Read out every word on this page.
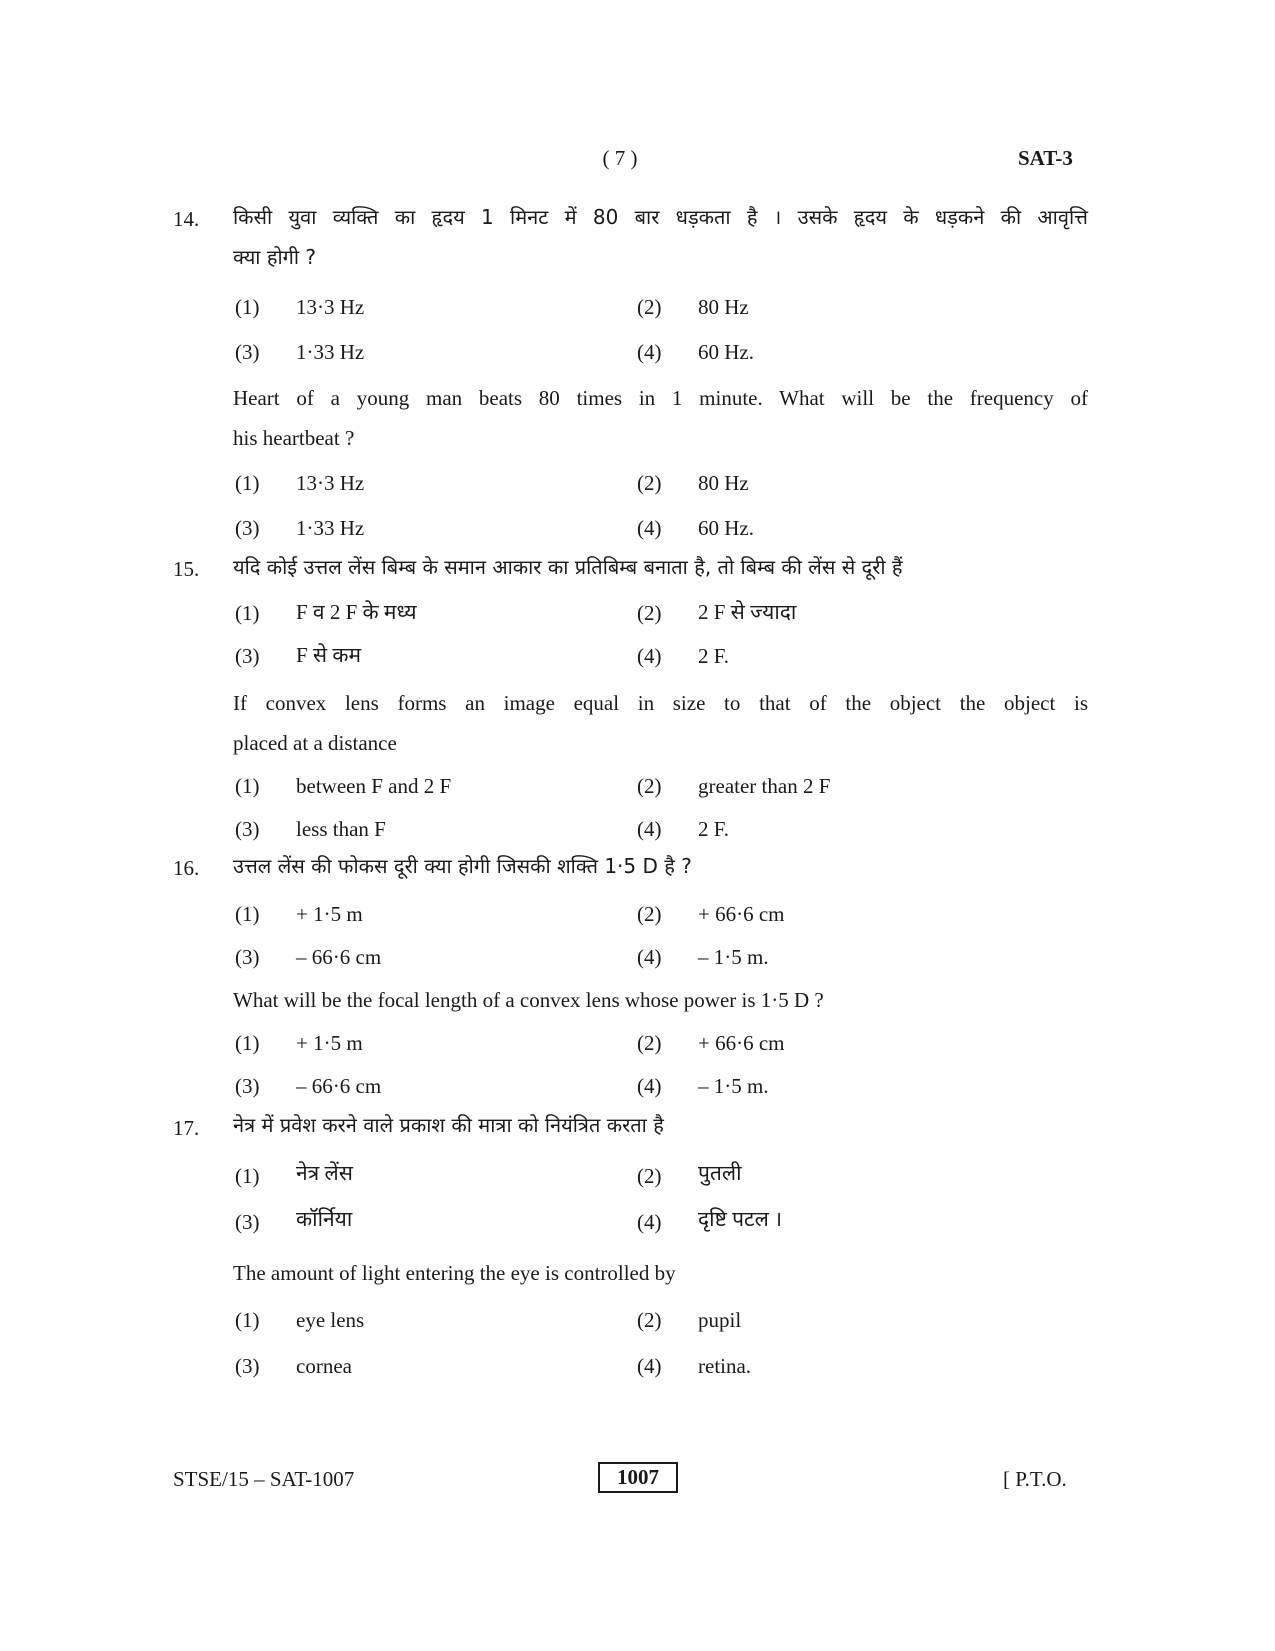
( 7 )	SAT-3
14. किसी युवा व्यक्ति का हृदय 1 मिनट में 80 बार धड़कता है । उसके हृदय के धड़कने की आवृत्ति
क्या होगी ?
(1) 13·3 Hz	(2) 80 Hz
(3) 1·33 Hz	(4) 60 Hz.
Heart of a young man beats 80 times in 1 minute. What will be the frequency of
his heartbeat ?
(1) 13·3 Hz	(2) 80 Hz
(3) 1·33 Hz	(4) 60 Hz.
15. यदि कोई उत्तल लेंस बिम्ब के समान आकार का प्रतिबिम्ब बनाता है, तो बिम्ब की लेंस से दूरी हैं
(1) F व 2 F के मध्य	(2) 2 F से ज्यादा
(3) F से कम	(4) 2 F.
If convex lens forms an image equal in size to that of the object the object is
placed at a distance
(1) between F and 2 F	(2) greater than 2 F
(3) less than F	(4) 2 F.
16. उत्तल लेंस की फोकस दूरी क्या होगी जिसकी शक्ति 1·5 D है ?
(1) + 1·5 m	(2) + 66·6 cm
(3) – 66·6 cm	(4) – 1·5 m.
What will be the focal length of a convex lens whose power is 1·5 D ?
(1) + 1·5 m	(2) + 66·6 cm
(3) – 66·6 cm	(4) – 1·5 m.
17. नेत्र में प्रवेश करने वाले प्रकाश की मात्रा को नियंत्रित करता है
(1) नेत्र लेंस	(2) पुतली
(3) कॉर्निया	(4) दृष्टि पटल ।
The amount of light entering the eye is controlled by
(1) eye lens	(2) pupil
(3) cornea	(4) retina.
STSE/15 – SAT-1007	1007	[ P.T.O.
